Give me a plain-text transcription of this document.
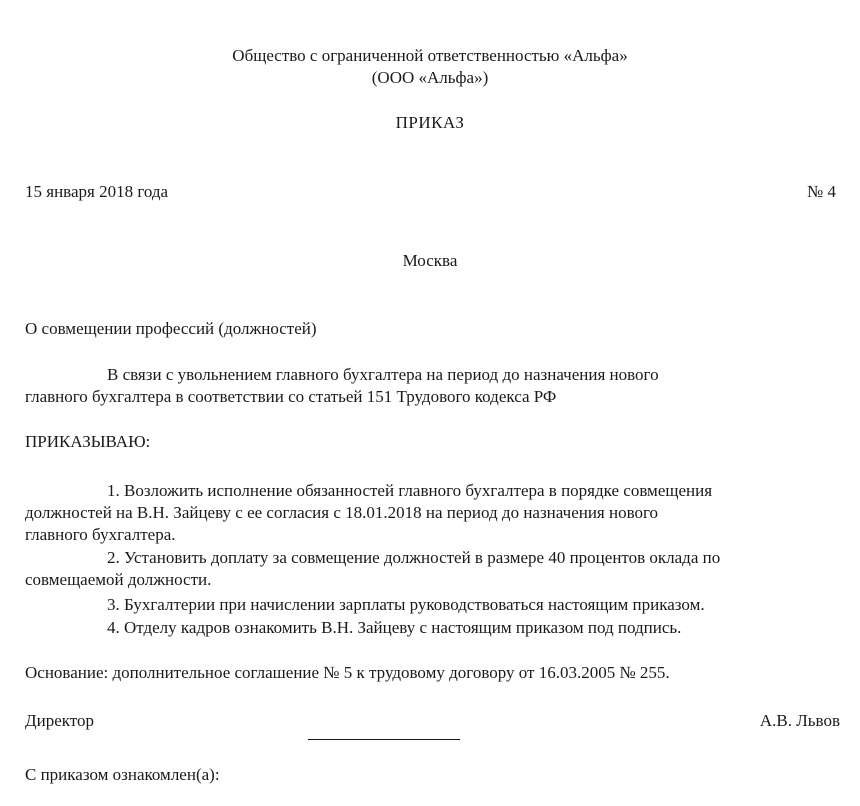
Общество с ограниченной ответственностью «Альфа»
(ООО «Альфа»)
ПРИКАЗ
15 января 2018 года	№ 4
Москва
О совмещении профессий (должностей)
В связи с увольнением главного бухгалтера на период до назначения нового
главного бухгалтера в соответствии со статьей 151 Трудового кодекса РФ
ПРИКАЗЫВАЮ:
1. Возложить исполнение обязанностей главного бухгалтера в порядке совмещения
должностей на В.Н. Зайцеву с ее согласия с 18.01.2018 на период до назначения нового
главного бухгалтера.
2. Установить доплату за совмещение должностей в размере 40 процентов оклада по
совмещаемой должности.
3. Бухгалтерии при начислении зарплаты руководствоваться настоящим приказом.
4. Отделу кадров ознакомить В.Н. Зайцеву с настоящим приказом под подпись.
Основание: дополнительное соглашение № 5 к трудовому договору от 16.03.2005 № 255.
Директор	А.В. Львов
С приказом ознакомлен(а):
